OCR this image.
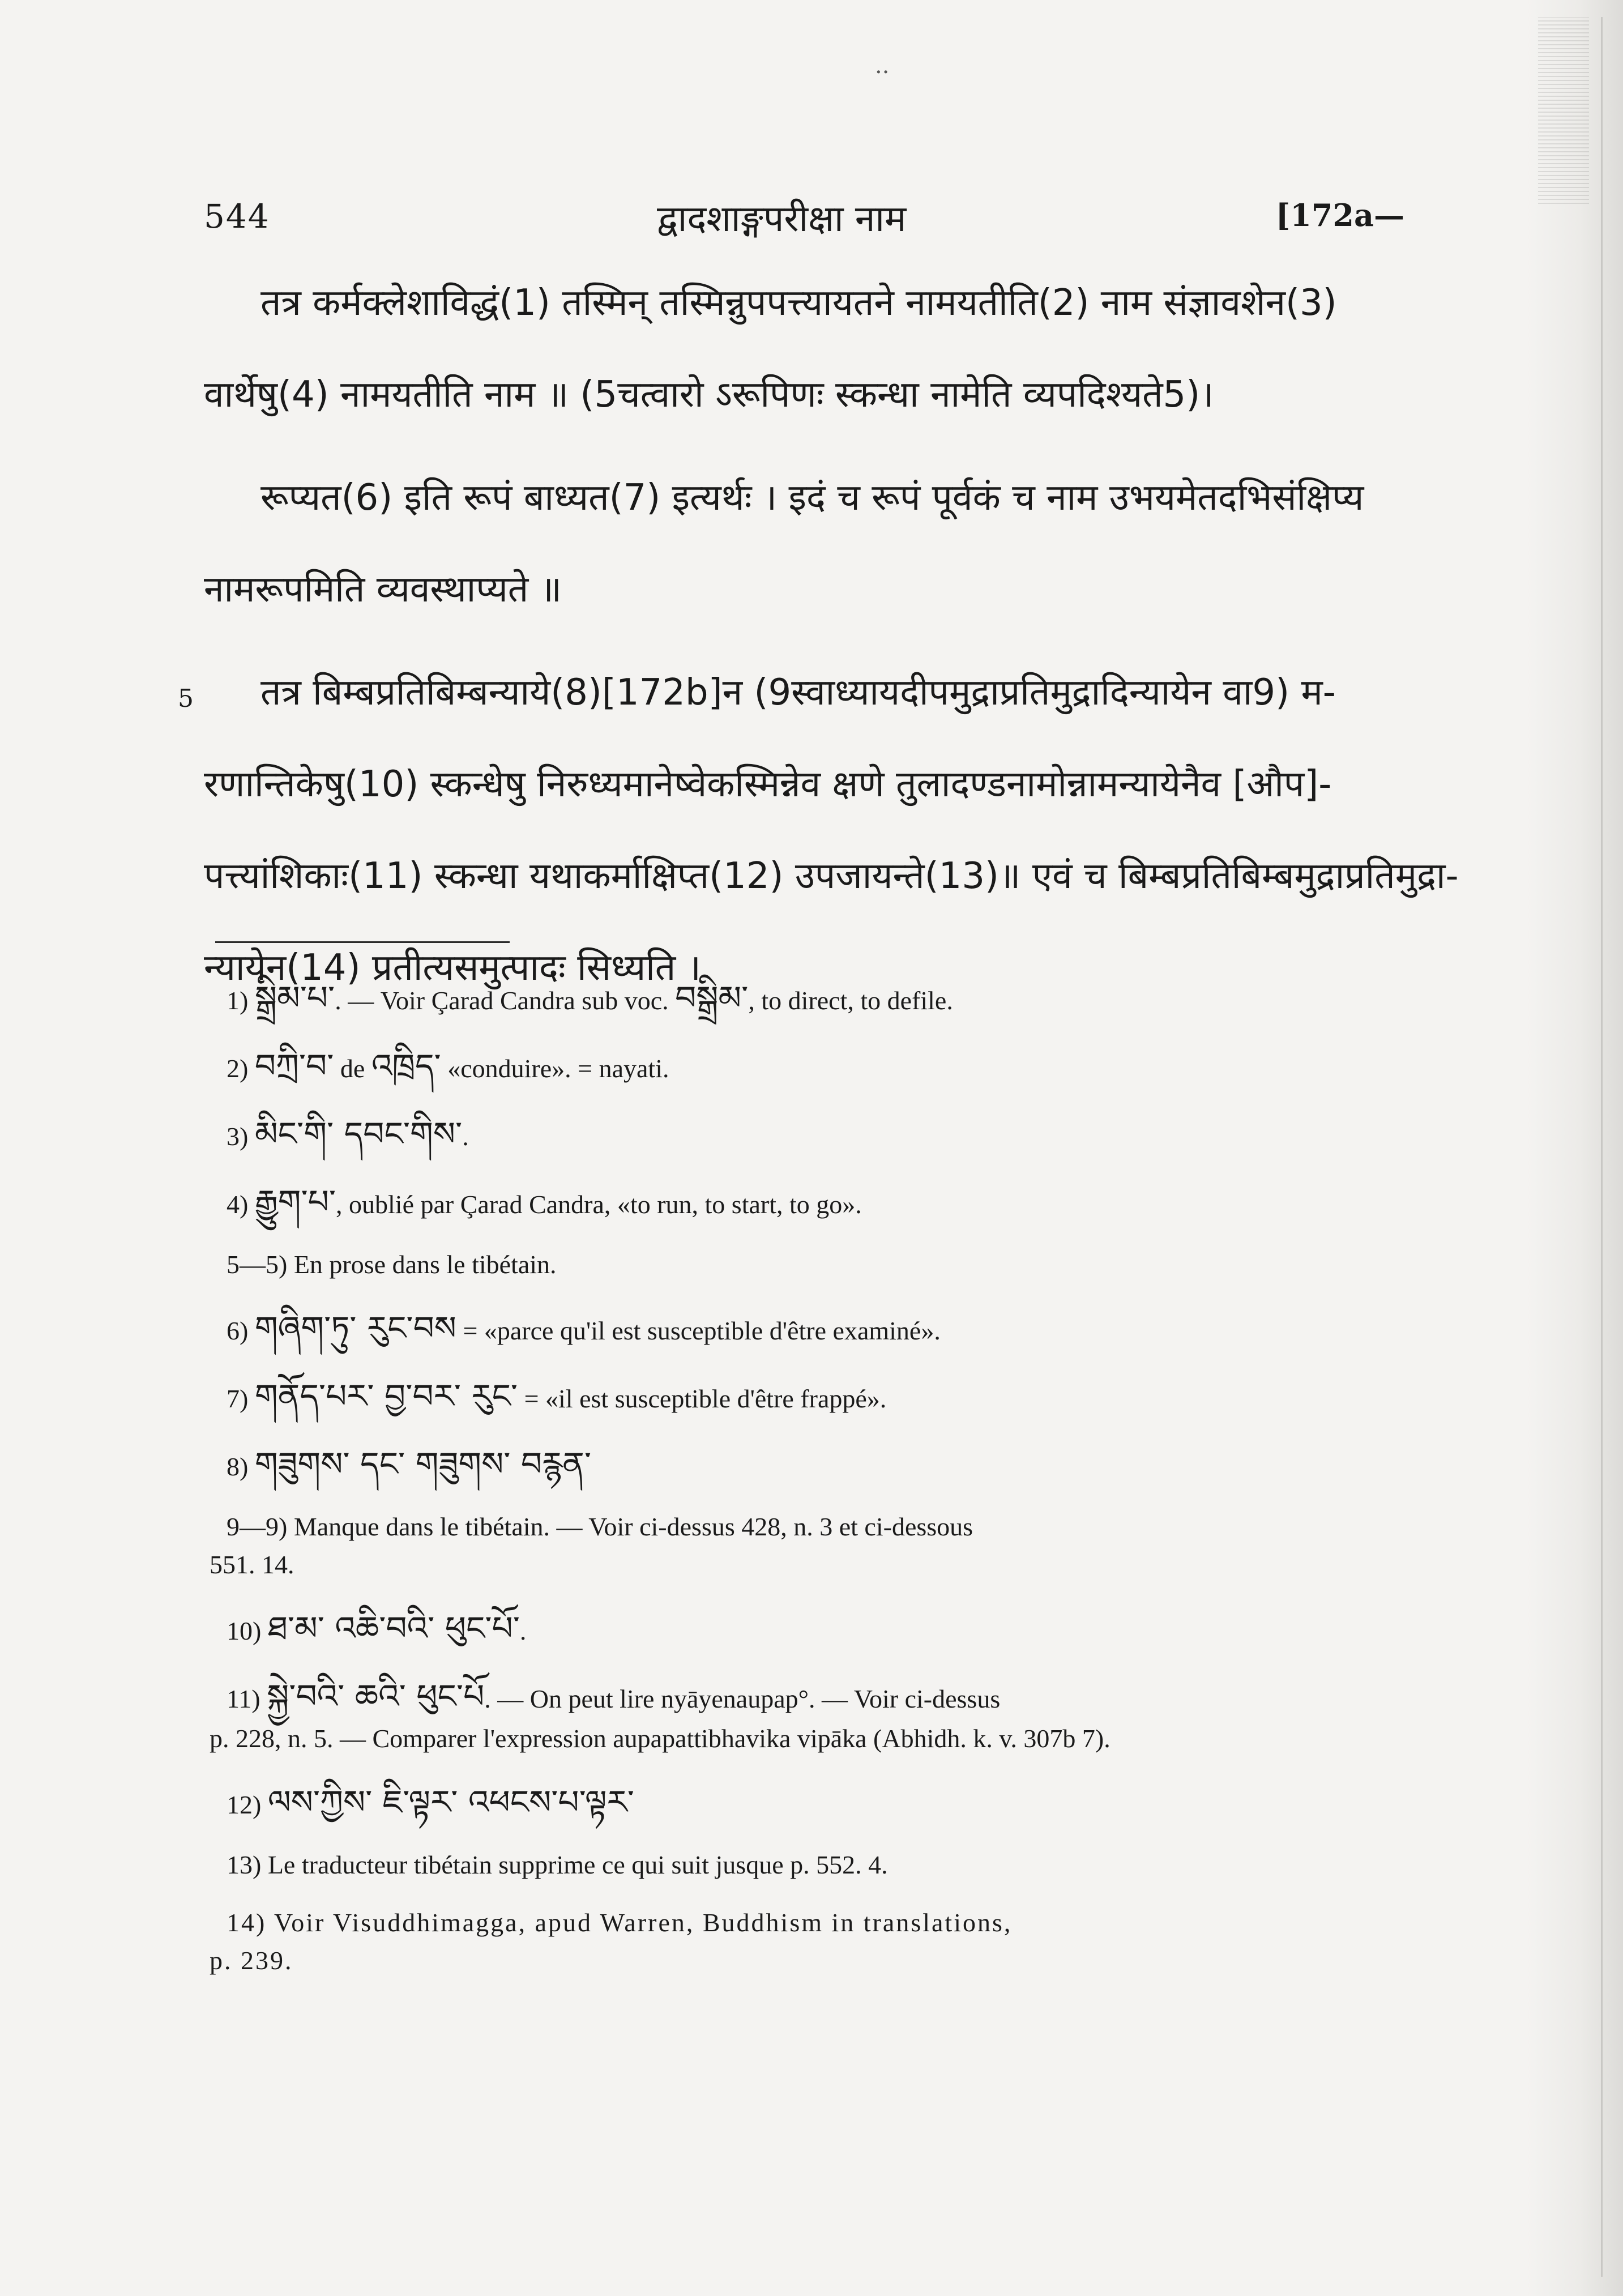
··
544	द्वादशाङ्गपरीक्षा नाम	[172a—
तत्र कर्मक्लेशाविद्धं(1) तस्मिन् तस्मिन्नुपपत्त्यायतने नामयतीति(2) नाम संज्ञावशेन(3)
वार्थेषु(4) नामयतीति नाम ॥ (5चत्वारो ऽरूपिणः स्कन्धा नामेति व्यपदिश्यते5)।
रूप्यत(6) इति रूपं बाध्यत(7) इत्यर्थः । इदं च रूपं पूर्वकं च नाम उभयमेतदभिसंक्षिप्य
नामरूपमिति व्यवस्थाप्यते ॥
5 तत्र बिम्बप्रतिबिम्बन्याये(8)[172b]न (9स्वाध्यायदीपमुद्राप्रतिमुद्रादिन्यायेन वा9) म-
रणान्तिकेषु(10) स्कन्धेषु निरुध्यमानेष्वेकस्मिन्नेव क्षणे तुलादण्डनामोन्नामन्यायेनैव [औप]-
पत्त्यांशिकाः(11) स्कन्धा यथाकर्माक्षिप्त(12) उपजायन्ते(13)॥ एवं च बिम्बप्रतिबिम्बमुद्राप्रतिमुद्रा-
न्यायेन(14) प्रतीत्यसमुत्पादः सिध्यति ।
1) སྒྲིམ་པ་. — Voir Çarad Candra sub voc. བསྒྲིམ་, to direct, to defile.
2) བཀྲི་བ་ de འཁྲིད་ «conduire». = nayati.
3) མིང་གི་ དབང་གིས་.
4) རྒྱུག་པ་, oublié par Çarad Candra, «to run, to start, to go».
5—5) En prose dans le tibétain.
6) གཞིག་ཏུ་ རུང་བས = «parce qu'il est susceptible d'être examiné».
7) གནོད་པར་ བྱ་བར་ རུང་ = «il est susceptible d'être frappé».
8) གཟུགས་ དང་ གཟུགས་ བརྙན་
9—9) Manque dans le tibétain. — Voir ci-dessus 428, n. 3 et ci-dessous
551. 14.
10) ཐ་མ་ འཆི་བའི་ ཕུང་པོ་.
11) སྐྱེ་བའི་ ཆའི་ ཕུང་པོ. — On peut lire nyāyenaupap°. — Voir ci-dessus
p. 228, n. 5. — Comparer l'expression aupapattibhavika vipāka (Abhidh. k. v. 307b 7).
12) ལས་ཀྱིས་ ཇི་ལྟར་ འཕངས་པ་ལྟར་
13) Le traducteur tibétain supprime ce qui suit jusque p. 552. 4.
14) Voir Visuddhimagga, apud Warren, Buddhism in translations,
p. 239.
